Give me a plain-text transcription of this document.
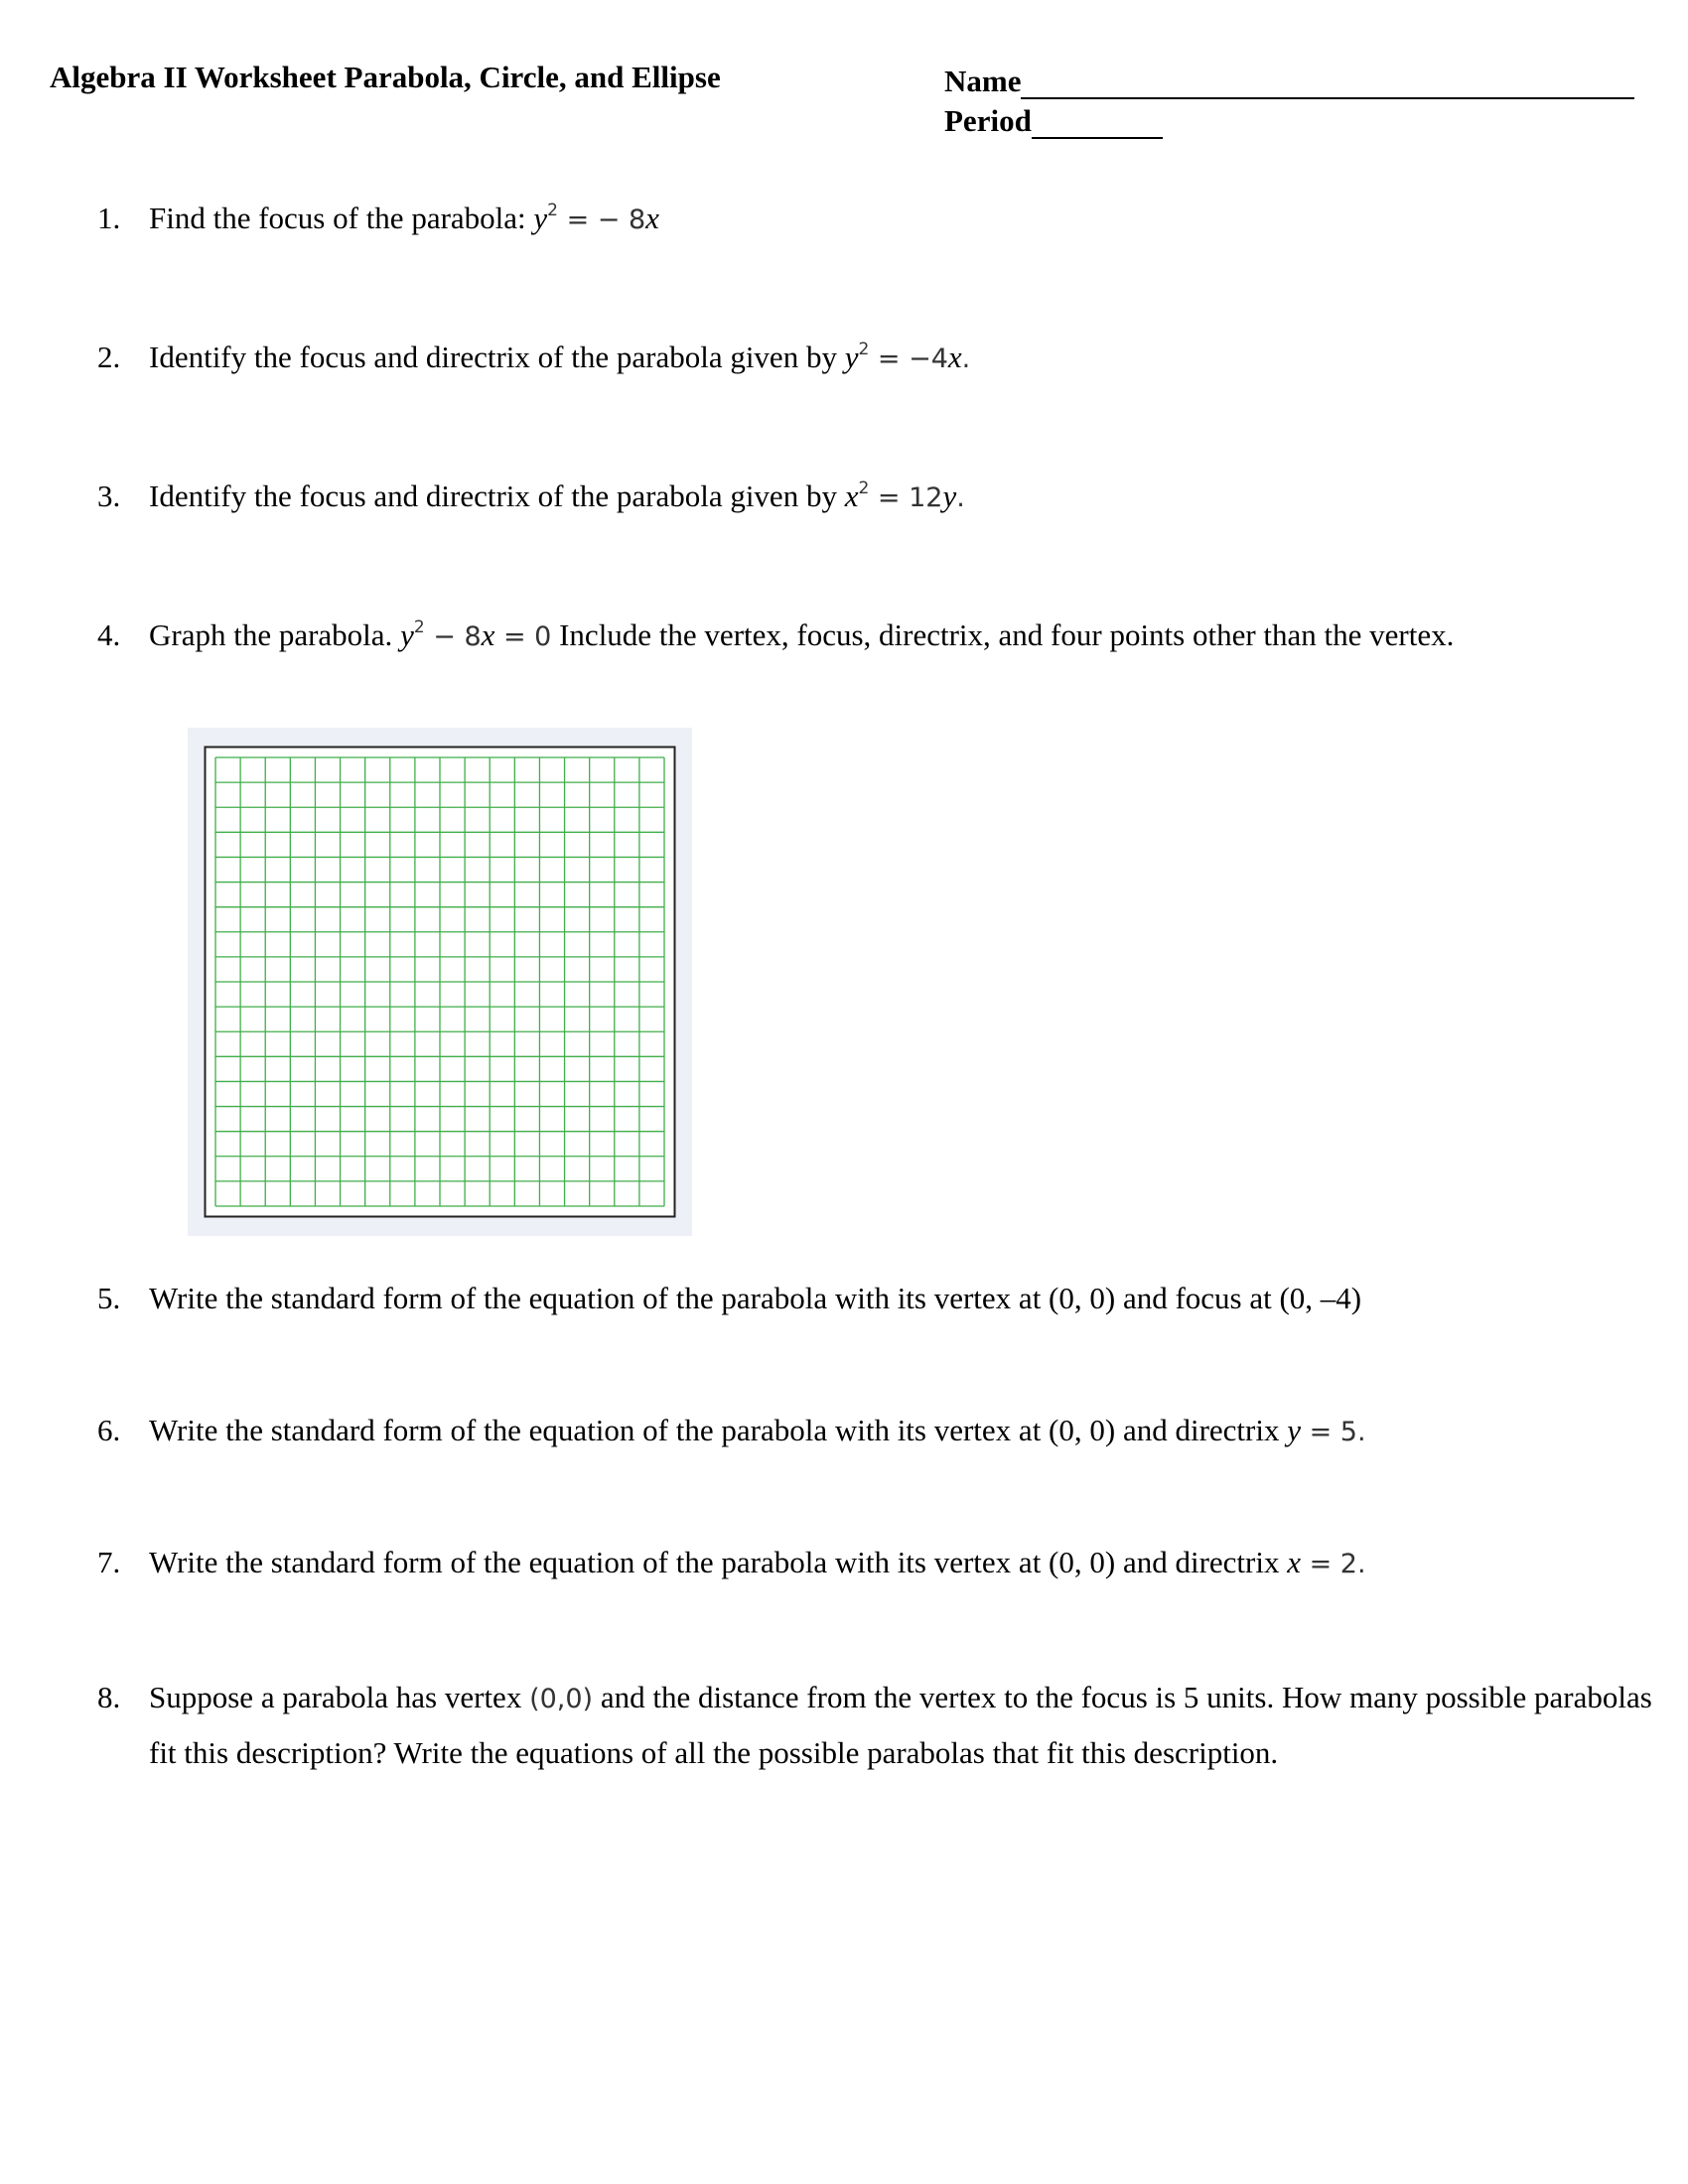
Algebra II Worksheet Parabola, Circle, and Ellipse	Name
Period
1. Find the focus of the parabola: $y^2$ = − 8x
2. Identify the focus and directrix of the parabola given by $y^2 = -4x$.
3. Identify the focus and directrix of the parabola given by $x^2 = 12y$.
4. Graph the parabola. $y^2 - 8x = 0$ Include the vertex, focus, directrix, and four points other than the vertex.
5. Write the standard form of the equation of the parabola with its vertex at (0, 0) and focus at (0, –4)
6. Write the standard form of the equation of the parabola with its vertex at (0, 0) and directrix y = 5.
7. Write the standard form of the equation of the parabola with its vertex at (0, 0) and directrix x = 2.
8. Suppose a parabola has vertex (0,0) and the distance from the vertex to the focus is 5 units. How many possible parabolas fit this description? Write the equations of all the possible parabolas that fit this description.
